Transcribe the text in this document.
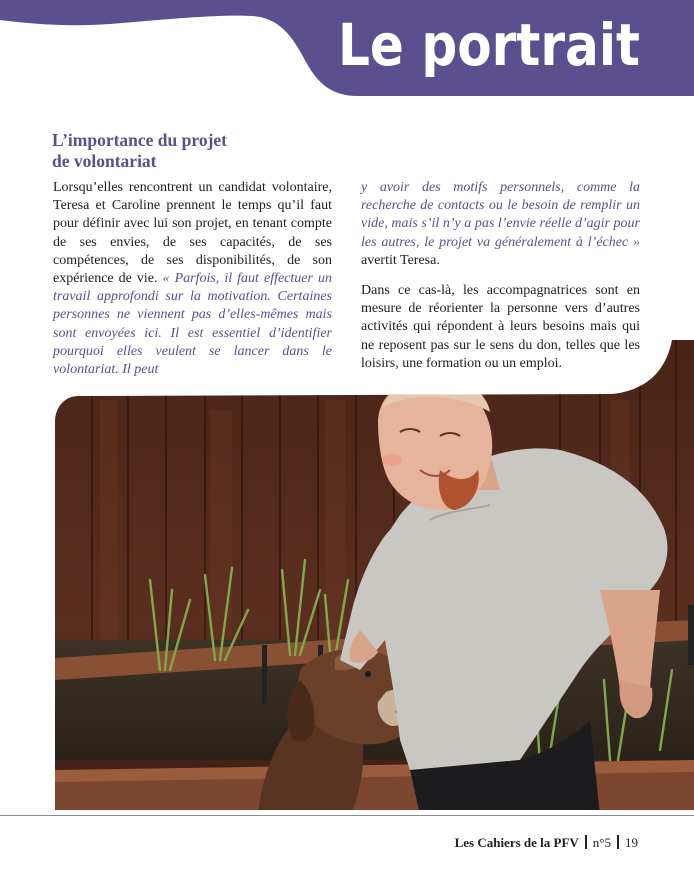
Le portrait
L’importance du projet
de volontariat

Lorsqu’elles rencontrent un candidat volontaire, Teresa et Caroline prennent le temps qu’il faut pour définir avec lui son projet, en tenant compte de ses envies, de ses capacités, de ses compétences, de ses disponibilités, de son expérience de vie. « Parfois, il faut effectuer un travail approfondi sur la motivation. Certaines personnes ne viennent pas d’elles-mêmes mais sont envoyées ici. Il est essentiel d’identifier pourquoi elles veulent se lancer dans le volontariat. Il peut

y avoir des motifs personnels, comme la recherche de contacts ou le besoin de remplir un vide, mais s’il n’y a pas l’envie réelle d’agir pour les autres, le projet va généralement à l’échec » avertit Teresa.

Dans ce cas-là, les accompagnatrices sont en mesure de réorienter la personne vers d’autres activités qui répondent à leurs besoins mais qui ne reposent pas sur le sens du don, telles que les loisirs, une formation ou un emploi.

Les Cahiers de la PFV n°5 19
